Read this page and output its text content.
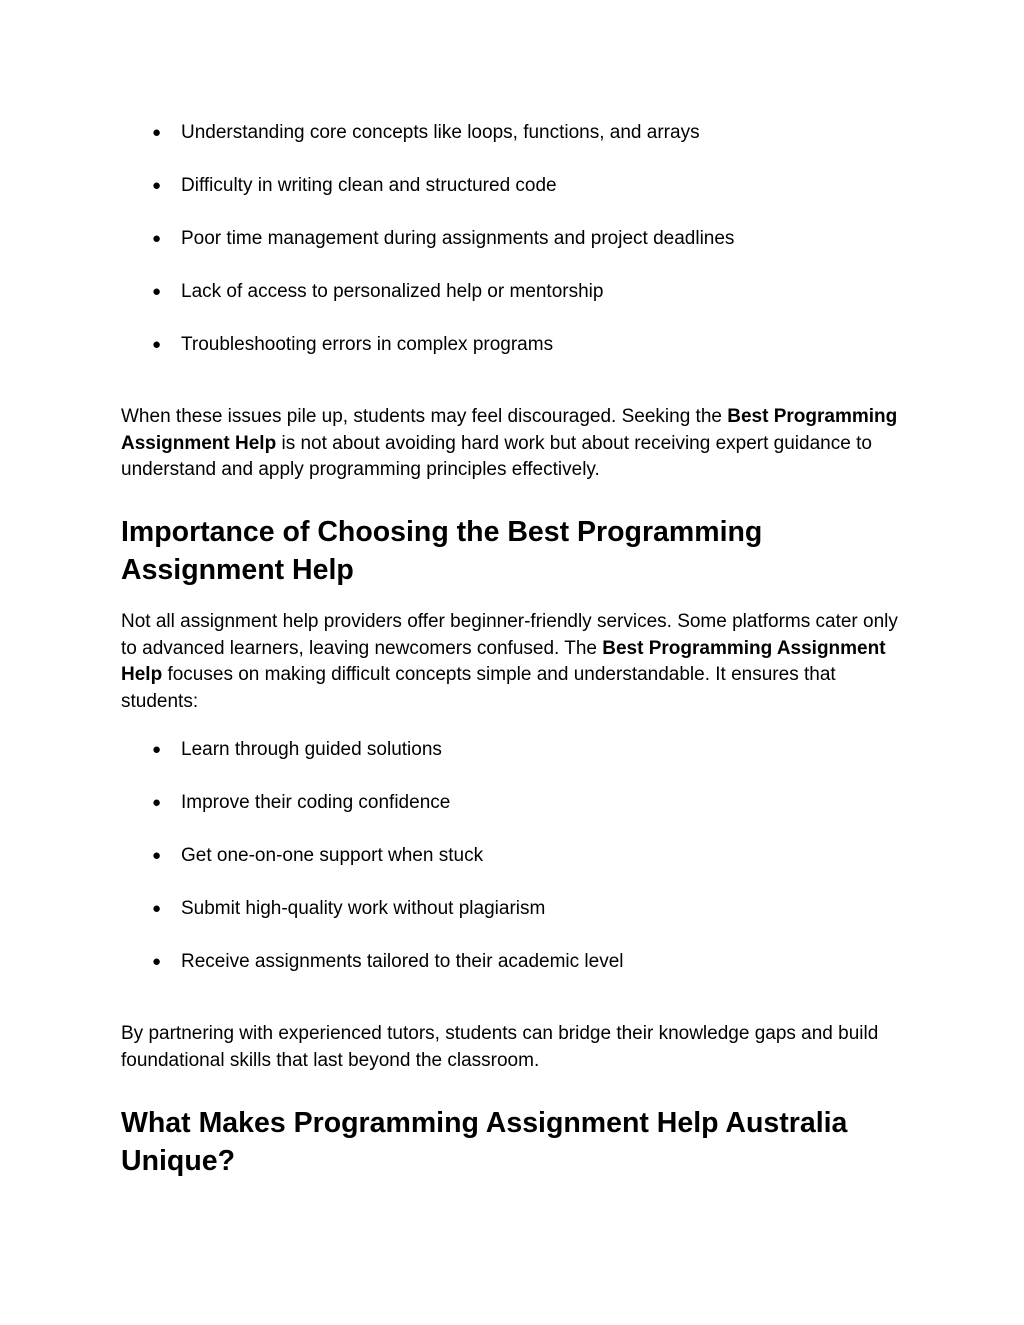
● Understanding core concepts like loops, functions, and arrays
● Difficulty in writing clean and structured code
● Poor time management during assignments and project deadlines
● Lack of access to personalized help or mentorship
● Troubleshooting errors in complex programs

When these issues pile up, students may feel discouraged. Seeking the Best Programming Assignment Help is not about avoiding hard work but about receiving expert guidance to understand and apply programming principles effectively.

Importance of Choosing the Best Programming Assignment Help

Not all assignment help providers offer beginner-friendly services. Some platforms cater only to advanced learners, leaving newcomers confused. The Best Programming Assignment Help focuses on making difficult concepts simple and understandable. It ensures that students:

● Learn through guided solutions
● Improve their coding confidence
● Get one-on-one support when stuck
● Submit high-quality work without plagiarism
● Receive assignments tailored to their academic level

By partnering with experienced tutors, students can bridge their knowledge gaps and build foundational skills that last beyond the classroom.

What Makes Programming Assignment Help Australia Unique?
